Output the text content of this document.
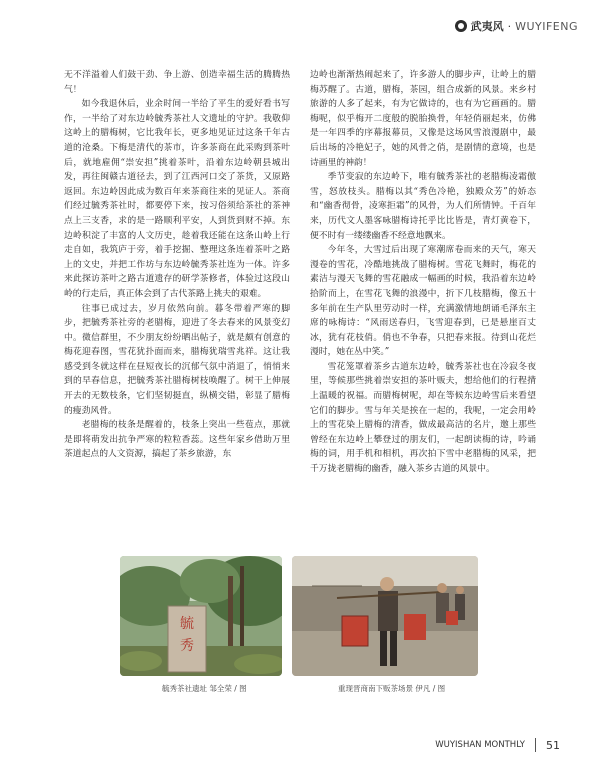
武夷风 · WUYIFENG

无不洋溢着人们鼓干劲、争上游、创造幸福生活的腾腾热气！

如今我退休后，业余时间一半给了平生的爱好看书写作，一半给了对东边岭毓秀茶社人文遗址的守护。我敬仰这岭上的腊梅树，它比我年长，更多地见证过这条千年古道的沧桑。下梅是清代的茶市，许多茶商在此采购到茶叶后，就地雇佣“崇安担”挑着茶叶，沿着东边岭朝县城出发，再往闽赣古道径去，到了江西河口交了茶货，又原路返回。东边岭因此成为数百年来茶商往来的见证人。茶商们经过毓秀茶社时，都要停下来，按习俗须给茶社的茶神点上三支香，求的是一路顺利平安，人到货到财不掉。东边岭积淀了丰富的人文历史，趁着我还能在这条山岭上行走自如，我筑庐于旁，着手挖掘、整理这条连着茶叶之路上的文史，并把工作坊与东边岭毓秀茶社连为一体。许多来此探访茶叶之路古道遗存的研学茶修者，体验过这段山岭的行走后，真正体会到了古代茶路上挑夫的艰难。

往事已成过去，岁月依然向前。暮冬带着严寒的脚步，把毓秀茶社旁的老腊梅，迎进了冬去春来的风景变幻中。微信群里，不少朋友纷纷晒出帖子，就是颇有创意的梅花迎春图，雪花犹扑面而来，腊梅犹瑞雪兆祥。这让我感受到冬就这样在昼短夜长的沉郁气氛中消退了，悄悄来到的早春信息，把毓秀茶社腊梅树枝唤醒了。树干上伸展开去的无数枝条，它们坚韧挺直，纵横交错，彰显了腊梅的瘦劲风骨。

老腊梅的枝条是醒着的，枝条上突出一些苞点，那就是即将萌发出抗争严寒的粒粒香蕊。这些年家乡借助万里茶道起点的人文资源，搞起了茶乡旅游，东

边岭也渐渐热闹起来了，许多游人的脚步声，让岭上的腊梅苏醒了。古道，腊梅，茶园，组合成新的风景。来乡村旅游的人多了起来，有为它做诗的，也有为它画画的。腊梅呢，似乎梅开二度般的脱胎换骨，年轻俏丽起来，仿佛是一年四季的序幕报幕员，又像是这场风雪浪漫剧中，最后出场的冷艳妃子，她的风骨之俏，是剧情的意境，也是诗画里的神韵！

季节变寂的东边岭下，唯有毓秀茶社的老腊梅凌霜傲雪，怒放枝头。腊梅以其“秀色冷艳，独殿众芳”的娇态和“幽香彻骨，凌寒拒霜”的风骨，为人们所情钟。千百年来，历代文人墨客咏腊梅诗托乎比比皆是，青灯黄卷下，便不时有一缕缕幽香不经意地飘来。

今年冬，大雪过后出现了寒潮席卷而来的天气，寒天漫卷的雪花，冷酷地挑战了腊梅树。雪花飞舞时，梅花的素洁与漫天飞舞的雪花融成一幅画的时候，我沿着东边岭拾阶而上，在雪花飞舞的浪漫中，折下几枝腊梅，像五十多年前在生产队里劳动时一样，充满激情地朗诵毛泽东主席的咏梅诗：“风雨送春归，飞雪迎春到，已是悬崖百丈冰，犹有花枝俏。俏也不争春，只把春来报。待到山花烂漫时，她在丛中笑。”

雪花笼罩着茶乡古道东边岭，毓秀茶社也在冷寂冬夜里，等候那些挑着崇安担的茶叶贩夫，想给他们的行程揹上温暖的祝福。而腊梅树呢，却在等候东边岭雪后来看望它们的脚步。雪与年关是挨在一起的，我呢，一定会用岭上的雪花染上腊梅的清香，做成最高洁的名片，邀上那些曾经在东边岭上攀登过的朋友们，一起朗读梅的诗，吟诵梅的词，用手机和相机，再次拍下雪中老腊梅的风采，把千万拢老腊梅的幽香，融入茶乡古道的风景中。

毓
秀
毓秀茶社遗址 邹全荣 / 图	重现晋商南下贩茶场景 伊凡 / 图
WUYISHAN MONTHLY 51
